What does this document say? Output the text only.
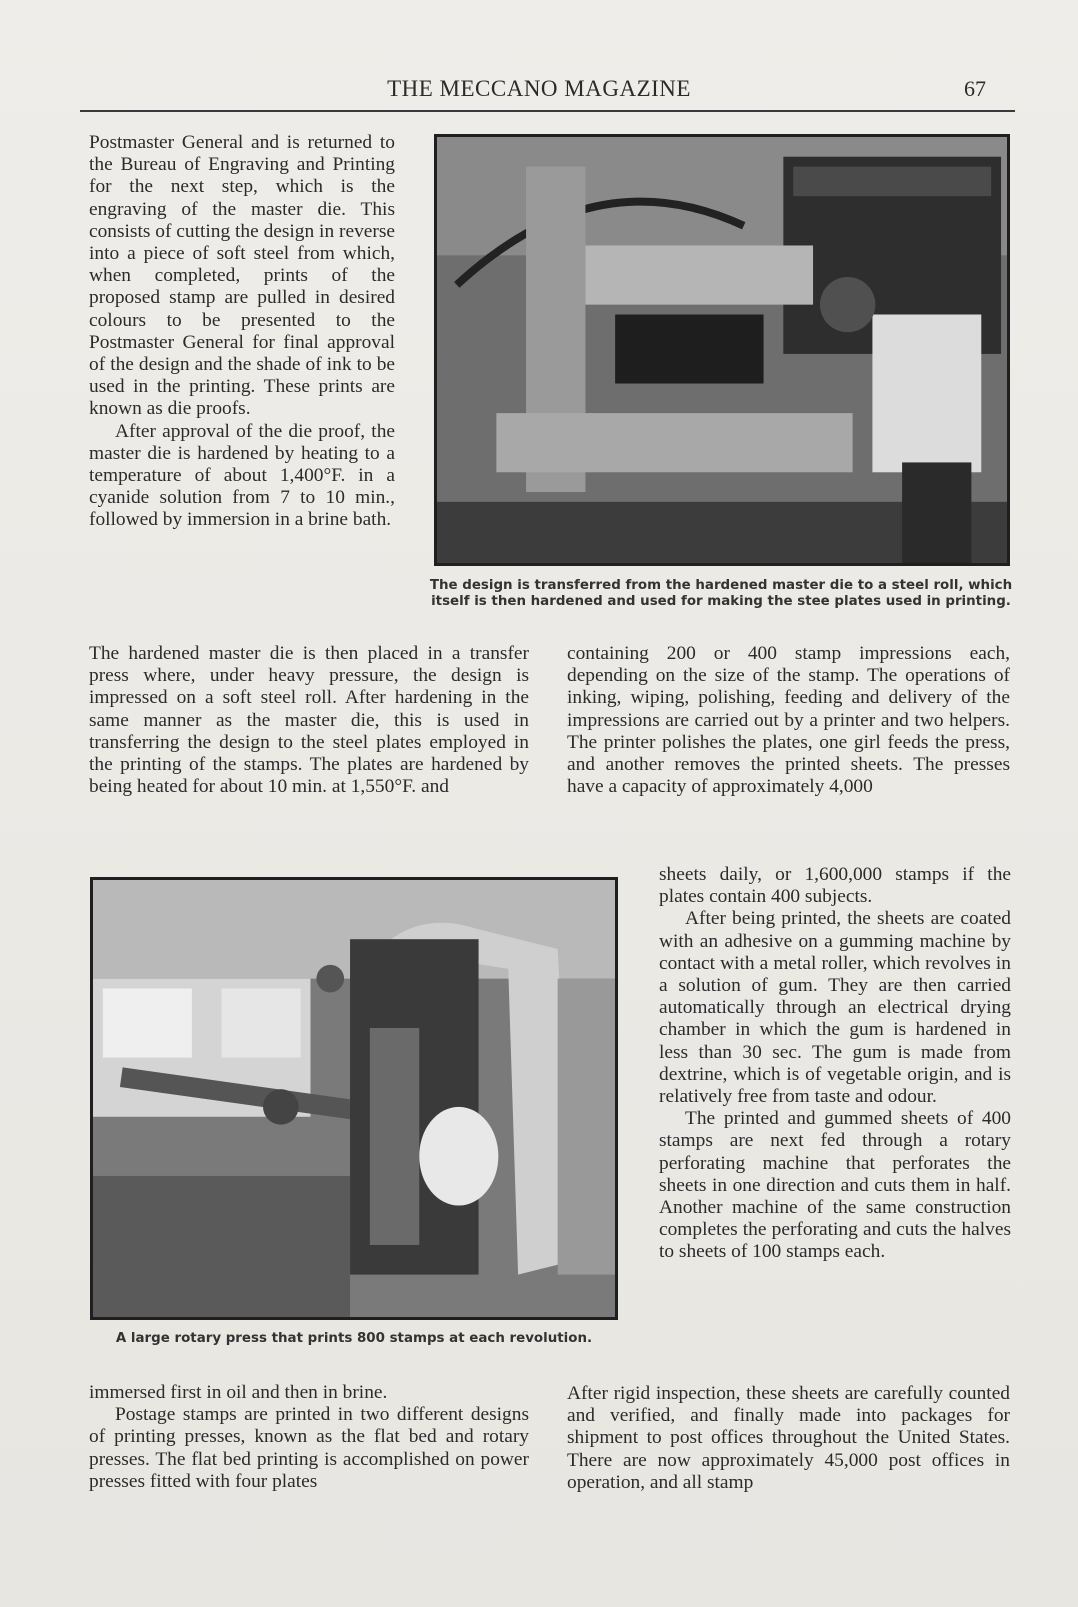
THE MECCANO MAGAZINE	67

Postmaster General and is returned to the Bureau of Engraving and Printing for the next step, which is the engraving of the master die. This consists of cutting the design in reverse into a piece of soft steel from which, when completed, prints of the proposed stamp are pulled in desired colours to be presented to the Postmaster General for final approval of the design and the shade of ink to be used in the printing. These prints are known as die proofs.

After approval of the die proof, the master die is hardened by heating to a temperature of about 1,400°F. in a cyanide solution from 7 to 10 min., followed by immersion in a brine bath.

The design is transferred from the hardened master die to a steel roll, which itself is then hardened and used for making the stee plates used in printing.

The hardened master die is then placed in a transfer press where, under heavy pressure, the design is impressed on a soft steel roll. After hardening in the same manner as the master die, this is used in transferring the design to the steel plates employed in the printing of the stamps. The plates are hardened by being heated for about 10 min. at 1,550°F. and

containing 200 or 400 stamp impressions each, depending on the size of the stamp. The operations of inking, wiping, polishing, feeding and delivery of the impressions are carried out by a printer and two helpers. The printer polishes the plates, one girl feeds the press, and another removes the printed sheets. The presses have a capacity of approximately 4,000

A large rotary press that prints 800 stamps at each revolution.

sheets daily, or 1,600,000 stamps if the plates contain 400 subjects.

After being printed, the sheets are coated with an adhesive on a gumming machine by contact with a metal roller, which revolves in a solution of gum. They are then carried automatically through an electrical drying chamber in which the gum is hardened in less than 30 sec. The gum is made from dextrine, which is of vegetable origin, and is relatively free from taste and odour.

The printed and gummed sheets of 400 stamps are next fed through a rotary perforating machine that perforates the sheets in one direction and cuts them in half. Another machine of the same construction completes the perforating and cuts the halves to sheets of 100 stamps each.

immersed first in oil and then in brine.

Postage stamps are printed in two different designs of printing presses, known as the flat bed and rotary presses. The flat bed printing is accomplished on power presses fitted with four plates

After rigid inspection, these sheets are carefully counted and verified, and finally made into packages for shipment to post offices throughout the United States. There are now approximately 45,000 post offices in operation, and all stamp
